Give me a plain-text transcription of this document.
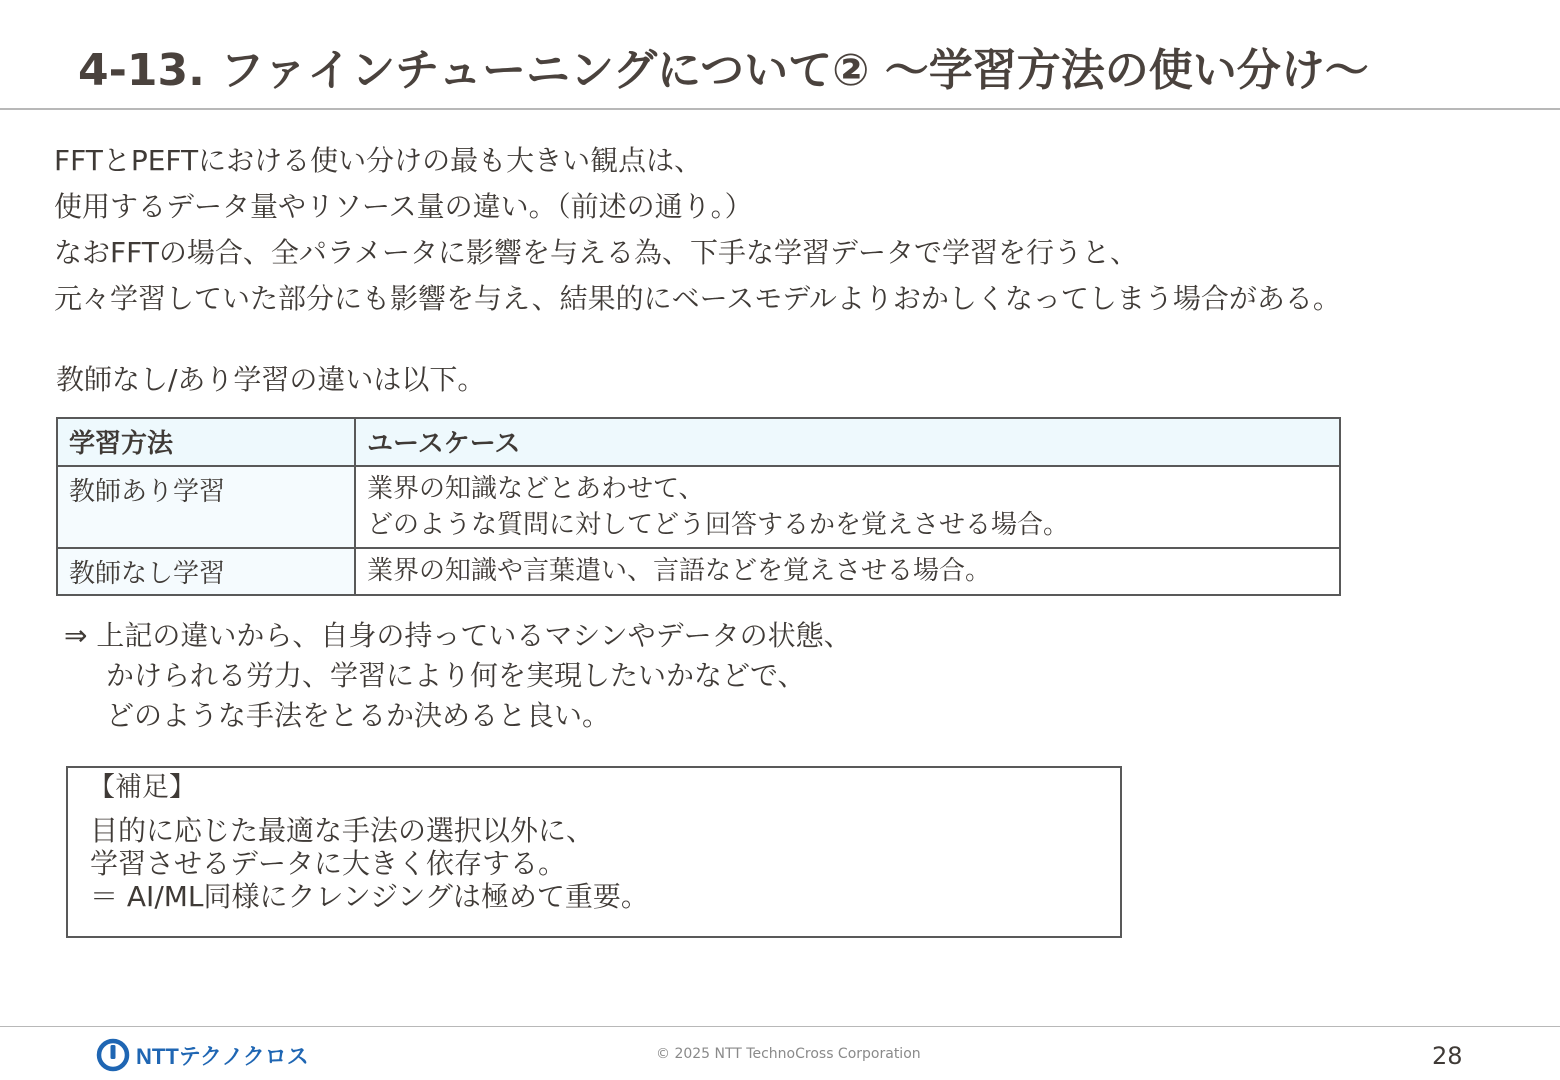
4-13. ファインチューニングについて② ～学習方法の使い分け～
FFTとPEFTにおける使い分けの最も大きい観点は、
使用するデータ量やリソース量の違い。（前述の通り。）
なおFFTの場合、全パラメータに影響を与える為、下手な学習データで学習を行うと、
元々学習していた部分にも影響を与え、結果的にベースモデルよりおかしくなってしまう場合がある。
教師なし/あり学習の違いは以下。
学習方法	ユースケース
教師あり学習	業界の知識などとあわせて、
どのような質問に対してどう回答するかを覚えさせる場合。

教師なし学習	業界の知識や言葉遣い、言語などを覚えさせる場合。
⇒ 上記の違いから、自身の持っているマシンやデータの状態、
かけられる労力、学習により何を実現したいかなどで、
どのような手法をとるか決めると良い。
【補足】
目的に応じた最適な手法の選択以外に、
学習させるデータに大きく依存する。
＝ AI/ML同様にクレンジングは極めて重要。
NTTテクノクロス	© 2025 NTT TechnoCross Corporation	28
